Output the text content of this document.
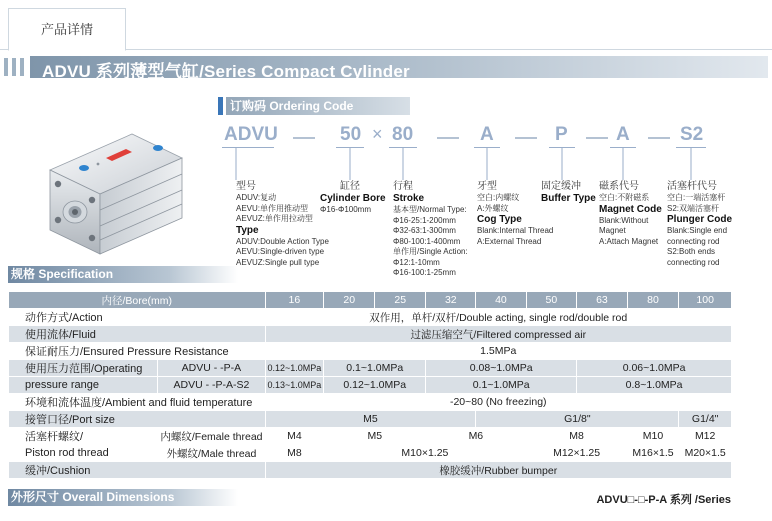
产品详情
ADVU 系列薄型气缸/Series Compact Cylinder
订购码 Ordering Code
ADVU	50 × 80	A	P	A	S2
型号
ADUV:复动
AEVU:单作用推动型
AEVUZ:单作用拉动型
Type
ADUV:Double Action Type
AEVU:Single-driven type
AEVUZ:Single pull type
缸径
Cylinder Bore
Φ16-Φ100mm
行程
Stroke
基本型/Normal Type:
Φ16-25:1-200mm
Φ32-63:1-300mm
Φ80-100:1-400mm
单作用/Single Action:
Φ12:1-10mm
Φ16-100:1-25mm
牙型
空白:内螺纹
A:外螺纹
Cog Type
Blank:Internal Thread
A:External Thread
固定缓冲
Buffer Type
磁系代号
空白:不附磁系
Magnet Code
Blank:Without
Magnet
A:Attach Magnet
活塞杆代号
空白:一端活塞杆
S2:双端活塞杆
Plunger Code
Blank:Single end
connecting rod
S2:Both ends
connecting rod
规格 Specification
内径/Bore(mm)		16	20	25	32	40	50	63	80	100
动作方式/Action		双作用，单杆/双杆/Double acting, single rod/double rod								
使用流体/Fluid		过滤压缩空气/Filtered compressed air								
保证耐压力/Ensured Pressure Resistance		1.5MPa								
使用压力范围/Operating	ADVU - -P-A	0.12~1.0MPa	0.1~1.0MPa		0.08~1.0MPa			0.06~1.0MPa		
pressure range	ADVU - -P-A-S2	0.13~1.0MPa	0.12~1.0MPa		0.1~1.0MPa			0.8~1.0MPa		
环境和流体温度/Ambient and fluid temperature		-20~80 (No freezing)								
接管口径/Port size		M5				G1/8"				G1/4"
活塞杆螺纹/	内螺纹/Female thread	M4	M5		M6		M8		M10	M12
Piston rod thread	外螺纹/Male thread	M8	M10×1.25				M12×1.25		M16×1.5	M20×1.5
缓冲/Cushion		橡胶缓冲/Rubber bumper								
外形尺寸 Overall Dimensions	ADVU□-□-P-A 系列 /Series
